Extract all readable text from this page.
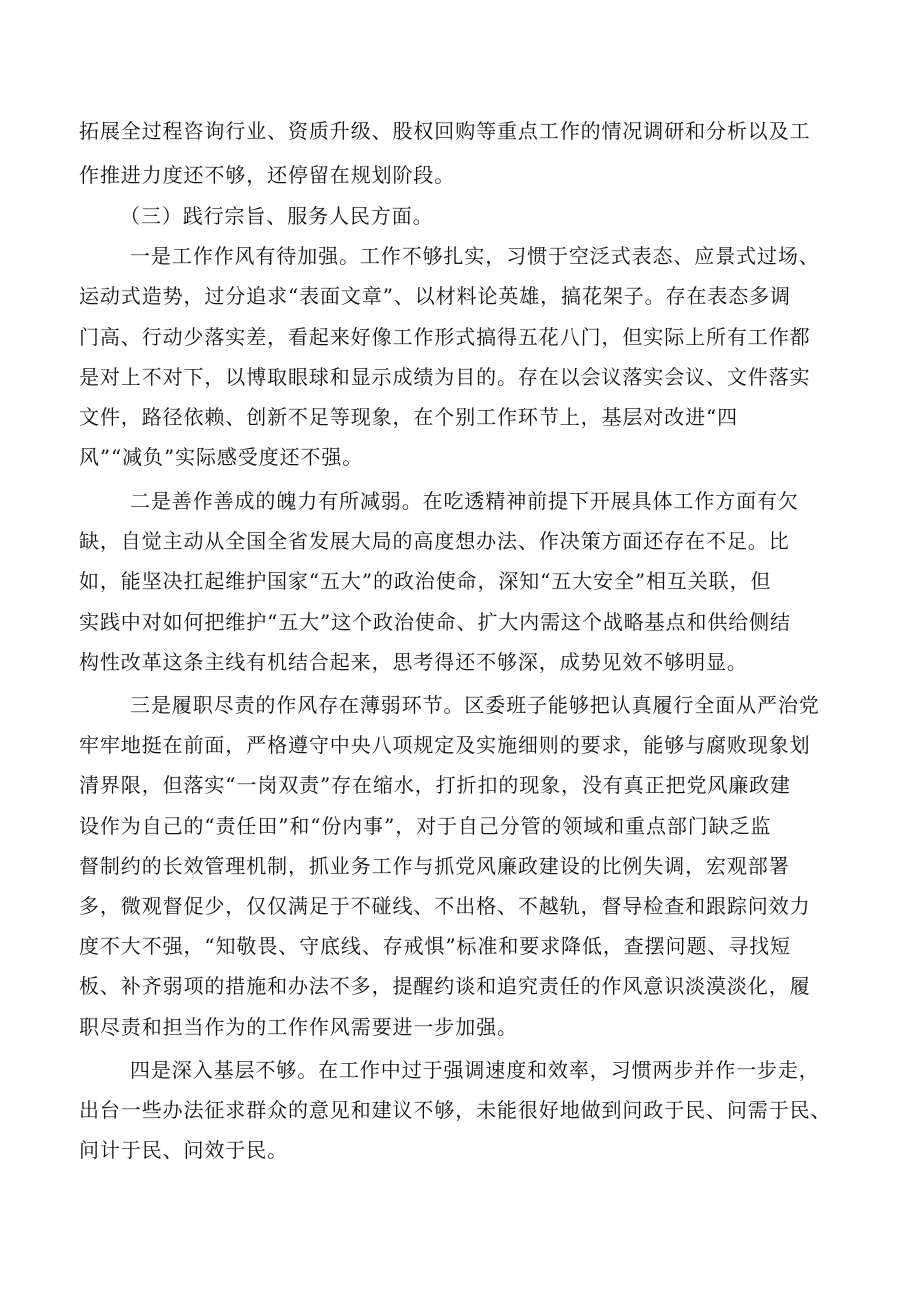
拓展全过程咨询行业、资质升级、股权回购等重点工作的情况调研和分析以及工

作推进力度还不够，还停留在规划阶段。

（三）践行宗旨、服务人民方面。

一是工作作风有待加强。工作不够扎实，习惯于空泛式表态、应景式过场、

运动式造势，过分追求“表面文章”、以材料论英雄，搞花架子。存在表态多调

门高、行动少落实差，看起来好像工作形式搞得五花八门，但实际上所有工作都

是对上不对下，以博取眼球和显示成绩为目的。存在以会议落实会议、文件落实

文件，路径依赖、创新不足等现象，在个别工作环节上，基层对改进“四

风”“减负”实际感受度还不强。

二是善作善成的魄力有所减弱。在吃透精神前提下开展具体工作方面有欠

缺，自觉主动从全国全省发展大局的高度想办法、作决策方面还存在不足。比

如，能坚决扛起维护国家“五大”的政治使命，深知“五大安全”相互关联，但

实践中对如何把维护“五大”这个政治使命、扩大内需这个战略基点和供给侧结

构性改革这条主线有机结合起来，思考得还不够深，成势见效不够明显。

三是履职尽责的作风存在薄弱环节。区委班子能够把认真履行全面从严治党

牢牢地挺在前面，严格遵守中央八项规定及实施细则的要求，能够与腐败现象划

清界限，但落实“一岗双责”存在缩水，打折扣的现象，没有真正把党风廉政建

设作为自己的“责任田”和“份内事”，对于自己分管的领域和重点部门缺乏监

督制约的长效管理机制，抓业务工作与抓党风廉政建设的比例失调，宏观部署

多，微观督促少，仅仅满足于不碰线、不出格、不越轨，督导检查和跟踪问效力

度不大不强，“知敬畏、守底线、存戒惧”标准和要求降低，查摆问题、寻找短

板、补齐弱项的措施和办法不多，提醒约谈和追究责任的作风意识淡漠淡化，履

职尽责和担当作为的工作作风需要进一步加强。

四是深入基层不够。在工作中过于强调速度和效率，习惯两步并作一步走，

出台一些办法征求群众的意见和建议不够，未能很好地做到问政于民、问需于民、

问计于民、问效于民。
